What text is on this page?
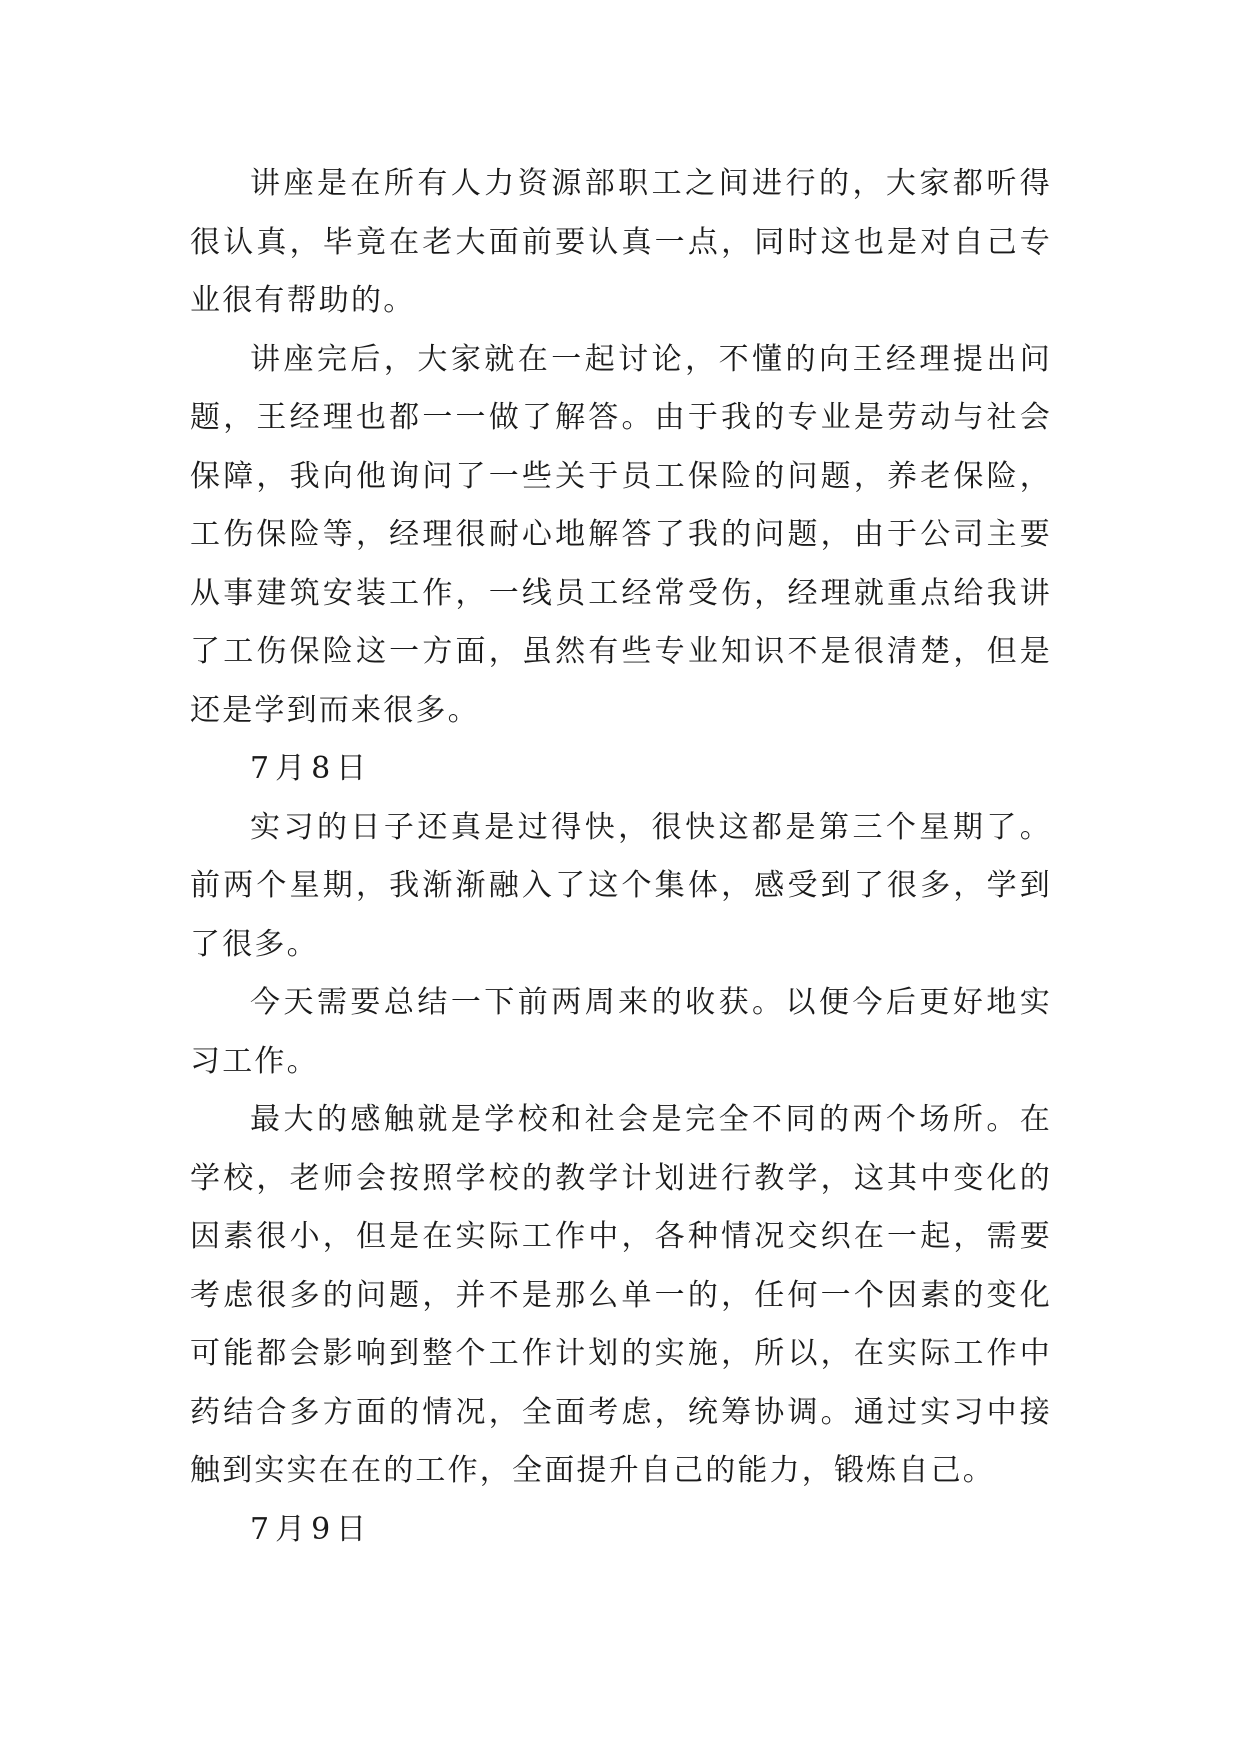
讲座是在所有人力资源部职工之间进行的，大家都听得很认真，毕竟在老大面前要认真一点，同时这也是对自己专业很有帮助的。

讲座完后，大家就在一起讨论，不懂的向王经理提出问题，王经理也都一一做了解答。由于我的专业是劳动与社会保障，我向他询问了一些关于员工保险的问题，养老保险，工伤保险等，经理很耐心地解答了我的问题，由于公司主要从事建筑安装工作，一线员工经常受伤，经理就重点给我讲了工伤保险这一方面，虽然有些专业知识不是很清楚，但是还是学到而来很多。

7月8日

实习的日子还真是过得快，很快这都是第三个星期了。前两个星期，我渐渐融入了这个集体，感受到了很多，学到了很多。

今天需要总结一下前两周来的收获。以便今后更好地实习工作。

最大的感触就是学校和社会是完全不同的两个场所。在学校，老师会按照学校的教学计划进行教学，这其中变化的因素很小，但是在实际工作中，各种情况交织在一起，需要考虑很多的问题，并不是那么单一的，任何一个因素的变化可能都会影响到整个工作计划的实施，所以，在实际工作中药结合多方面的情况，全面考虑，统筹协调。通过实习中接触到实实在在的工作，全面提升自己的能力，锻炼自己。

7月9日
